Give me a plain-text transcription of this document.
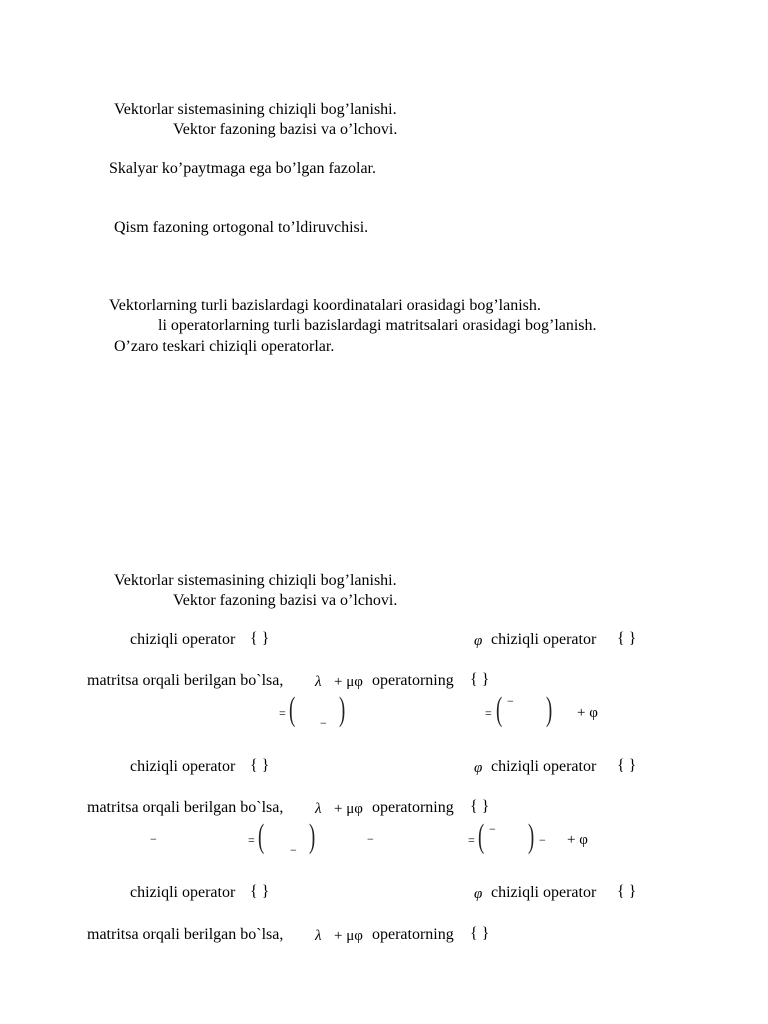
Vektorlar sistemasining chiziqli bog’lanishi.
Vektor fazoning bazisi va o’lchovi.
Skalyar ko’paytmaga ega bo’lgan fazolar.
Qism fazoning ortogonal to’ldiruvchisi.
Vektorlarning turli bazislardagi koordinatalari orasidagi bog’lanish.
li operatorlarning turli bazislardagi matritsalari orasidagi bog’lanish.
O’zaro teskari chiziqli operatorlar.
Vektorlar sistemasining chiziqli bog’lanishi.
Vektor fazoning bazisi va o’lchovi.
chiziqli operator { }	φ chiziqli operator { }
matritsa orqali berilgan bo`lsa, λ + μφ operatorning { }
= ( − )	= ( − ) + φ
chiziqli operator { }	φ chiziqli operator { }
matritsa orqali berilgan bo`lsa, λ + μφ operatorning { }
−	= ( − )	−	= ( − ) − + φ
chiziqli operator { }	φ chiziqli operator { }
matritsa orqali berilgan bo`lsa, λ + μφ operatorning { }
